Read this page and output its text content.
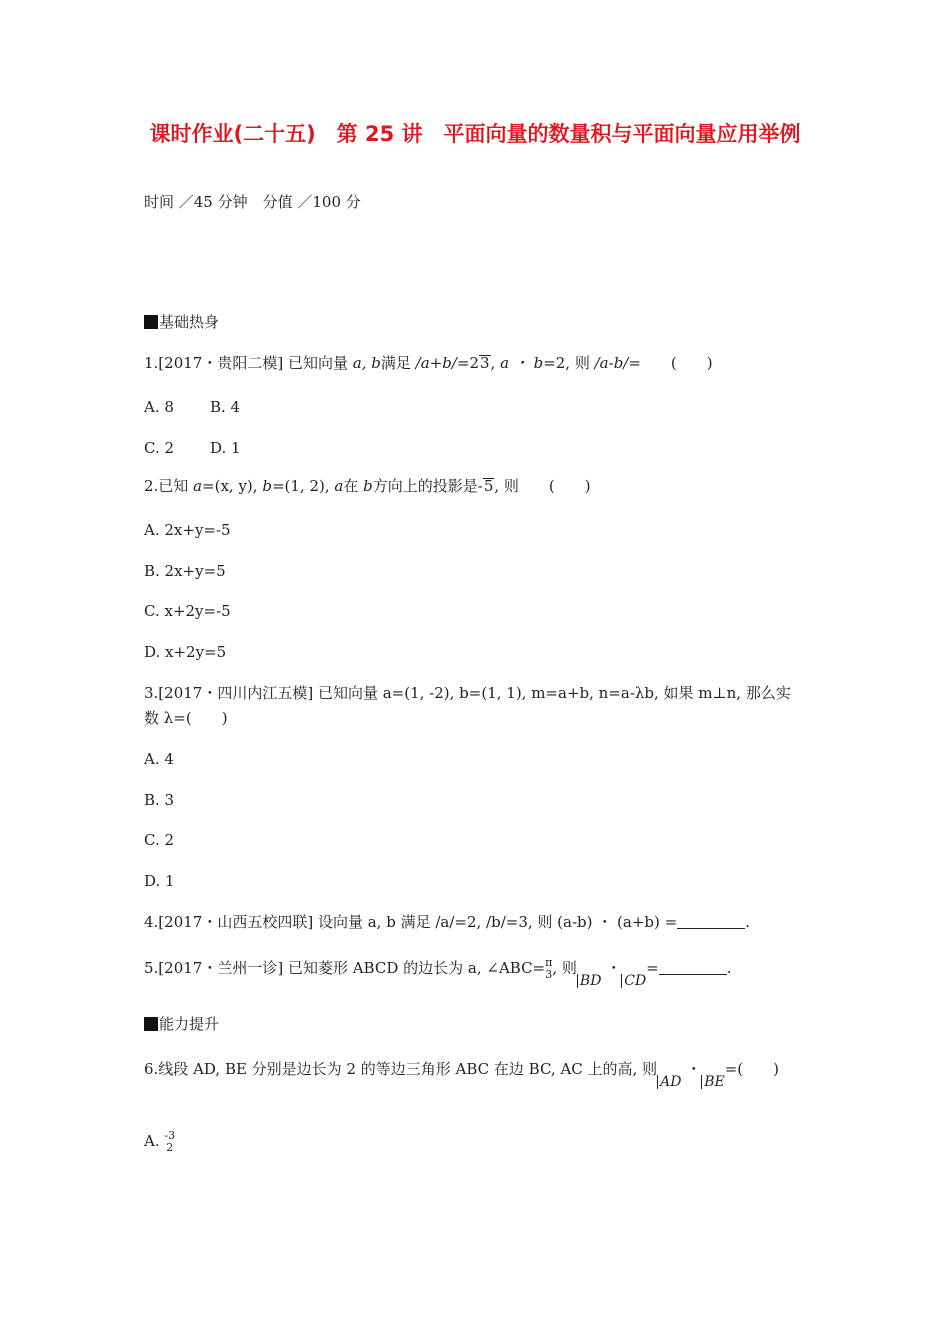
课时作业(二十五)　第 25 讲　平面向量的数量积与平面向量应用举例
时间 ／45 分钟　分值 ／100 分
基础热身
1.[2017・贵阳二模] 已知向量 a, b满足 /a+b/=23, a ・ b=2, 则 /a-b/=　　(　　)
A. 8 B. 4
C. 2 D. 1
2.已知 a=(x, y), b=(1, 2), a在 b方向上的投影是-5, 则　　(　　)
A. 2x+y=-5
B. 2x+y=5
C. x+2y=-5
D. x+2y=5
3.[2017・四川内江五模] 已知向量 a=(1, -2), b=(1, 1), m=a+b, n=a-λb, 如果 m⊥n, 那么实
数 λ=(　　)
A. 4
B. 3
C. 2
D. 1
4.[2017・山西五校四联] 设向量 a, b 满足 /a/=2, /b/=3, 则 (a-b) ・ (a+b) =	.
5.[2017・兰州一诊] 已知菱形 ABCD 的边长为 a, ∠ABC= π
3 , 则BD ・CD=	.
能力提升
6.线段 AD, BE 分别是边长为 2 的等边三角形 ABC 在边 BC, AC 上的高, 则AD ・BE=(　　)
A. -3
2
